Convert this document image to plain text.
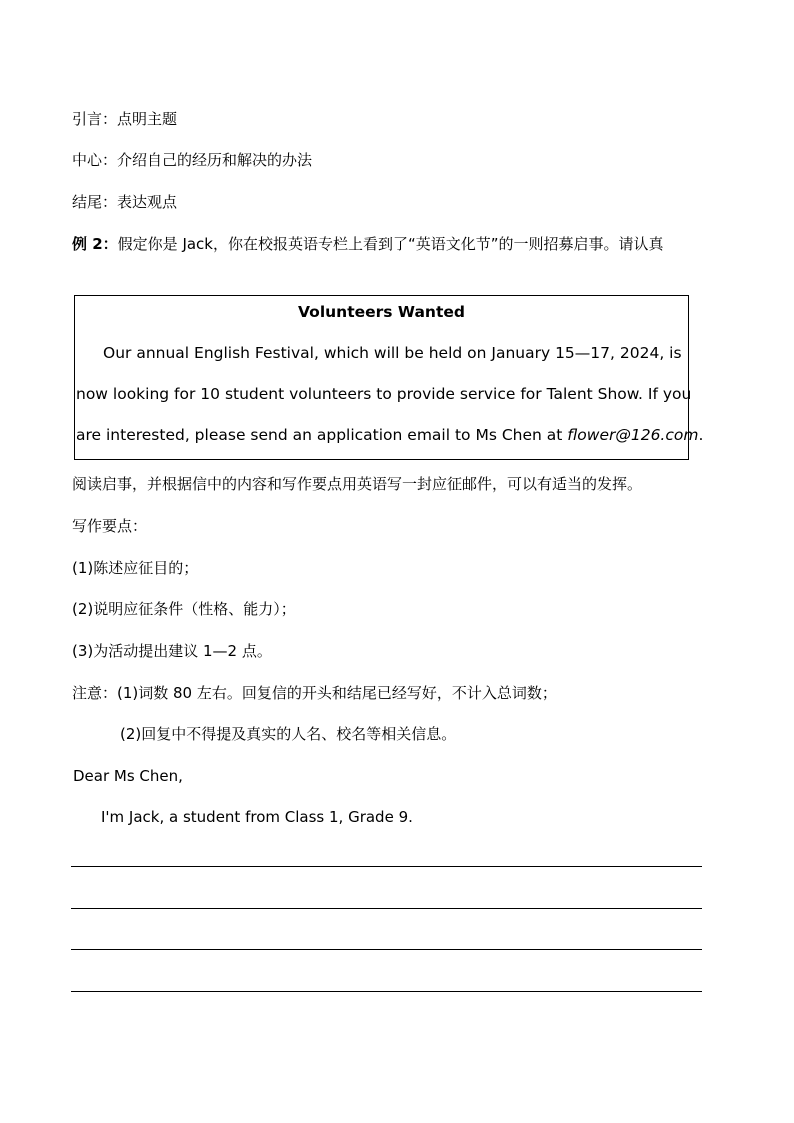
引言：点明主题
中心：介绍自己的经历和解决的办法
结尾：表达观点
例 2：假定你是 Jack，你在校报英语专栏上看到了“英语文化节”的一则招募启事。请认真
Volunteers Wanted
Our annual English Festival, which will be held on January 15—17, 2024, is
now looking for 10 student volunteers to provide service for Talent Show. If you
are interested, please send an application email to Ms Chen at flower@126.com.
阅读启事，并根据信中的内容和写作要点用英语写一封应征邮件，可以有适当的发挥。
写作要点：
(1)陈述应征目的；
(2)说明应征条件（性格、能力）；
(3)为活动提出建议 1—2 点。
注意：(1)词数 80 左右。回复信的开头和结尾已经写好，不计入总词数；
(2)回复中不得提及真实的人名、校名等相关信息。
Dear Ms Chen,
I'm Jack, a student from Class 1, Grade 9.
